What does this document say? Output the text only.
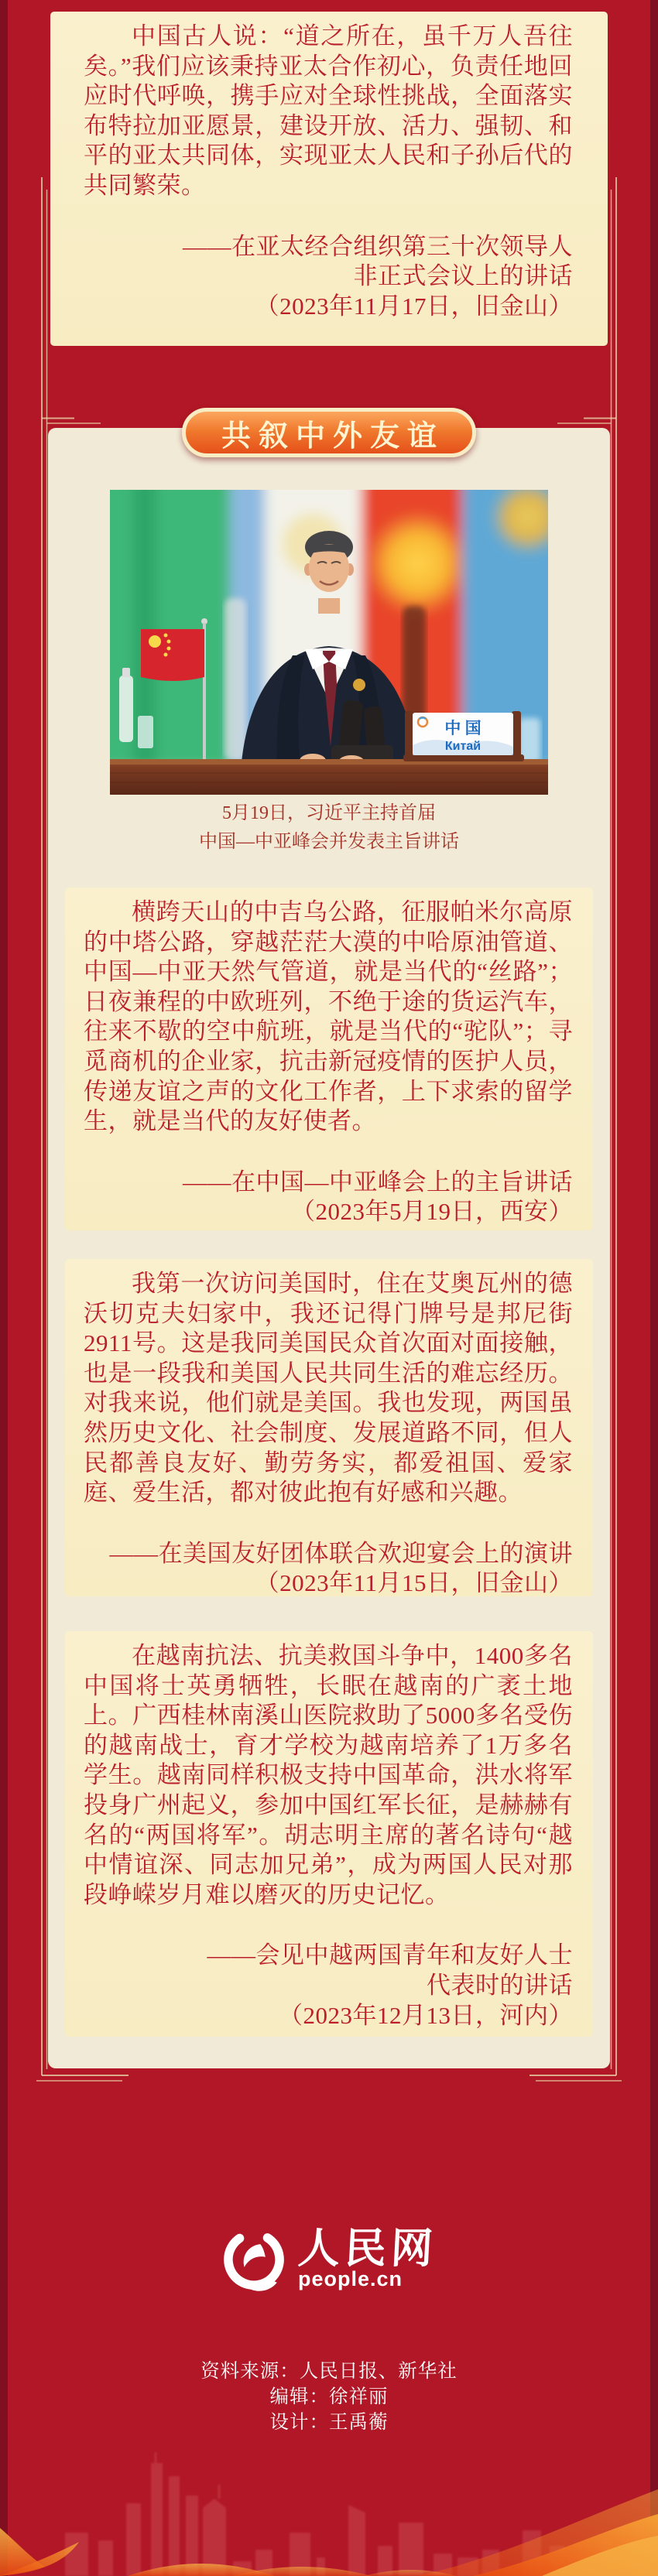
中国古人说：“道之所在，虽千万人吾往矣。”我们应该秉持亚太合作初心，负责任地回应时代呼唤，携手应对全球性挑战，全面落实布特拉加亚愿景，建设开放、活力、强韧、和平的亚太共同体，实现亚太人民和子孙后代的共同繁荣。

——在亚太经合组织第三十次领导人
非正式会议上的讲话
（2023年11月17日，旧金山）
共叙中外友谊
中 国
Китай
5月19日，习近平主持首届
中国—中亚峰会并发表主旨讲话

横跨天山的中吉乌公路，征服帕米尔高原的中塔公路，穿越茫茫大漠的中哈原油管道、中国—中亚天然气管道，就是当代的“丝路”；日夜兼程的中欧班列，不绝于途的货运汽车，往来不歇的空中航班，就是当代的“驼队”；寻觅商机的企业家，抗击新冠疫情的医护人员，传递友谊之声的文化工作者，上下求索的留学生，就是当代的友好使者。

——在中国—中亚峰会上的主旨讲话
（2023年5月19日，西安）

我第一次访问美国时，住在艾奥瓦州的德沃切克夫妇家中，我还记得门牌号是邦尼街2911号。这是我同美国民众首次面对面接触，也是一段我和美国人民共同生活的难忘经历。对我来说，他们就是美国。我也发现，两国虽然历史文化、社会制度、发展道路不同，但人民都善良友好、勤劳务实，都爱祖国、爱家庭、爱生活，都对彼此抱有好感和兴趣。

——在美国友好团体联合欢迎宴会上的演讲
（2023年11月15日，旧金山）

在越南抗法、抗美救国斗争中，1400多名中国将士英勇牺牲，长眠在越南的广袤土地上。广西桂林南溪山医院救助了5000多名受伤的越南战士，育才学校为越南培养了1万多名学生。越南同样积极支持中国革命，洪水将军投身广州起义，参加中国红军长征，是赫赫有名的“两国将军”。胡志明主席的著名诗句“越中情谊深、同志加兄弟”，成为两国人民对那段峥嵘岁月难以磨灭的历史记忆。

——会见中越两国青年和友好人士
代表时的讲话
（2023年12月13日，河内）
人民网
people.cn
资料来源：人民日报、新华社
编辑：徐祥丽
设计：王禹蘅
